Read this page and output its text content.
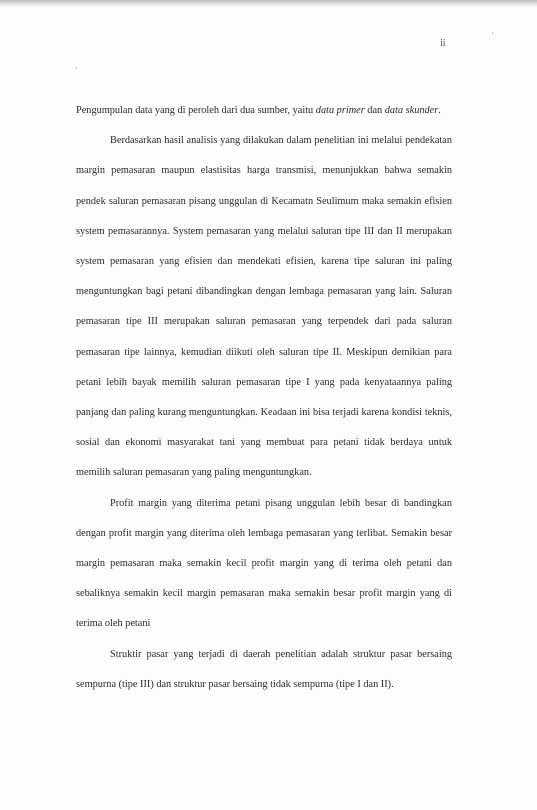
ii
ˋ
·

Pengumpulan data yang di peroleh dari dua sumber, yaitu data primer dan data skunder.

Berdasarkan hasil analisis yang dilakukan dalam penelitian ini melalui pendekatan margin pemasaran maupun elastisitas harga transmisi, menunjukkan bahwa semakin pendek saluran pemasaran pisang unggulan di Kecamatn Seulimum maka semakin efisien system pemasarannya. System pemasaran yang melalui saluran tipe III dan II merupakan system pemasaran yang efisien dan mendekati efisien, karena tipe saluran ini paling menguntungkan bagi petani dibandingkan dengan lembaga pemasaran yang lain. Saluran pemasaran tipe III merupakan saluran pemasaran yang terpendek dari pada saluran pemasaran tipe lainnya, kemudian diikuti oleh saluran tipe II. Meskipun demikian para petani lebih bayak memilih saluran pemasaran tipe I yang pada kenyataannya paling panjang dan paling kurang menguntungkan. Keadaan ini bisa terjadi karena kondisi teknis, sosial dan ekonomi masyarakat tani yang membuat para petani tidak berdaya untuk memilih saluran pemasaran yang paling menguntungkan.

Profit margin yang diterima petani pisang unggulan lebih besar di bandingkan dengan profit margin yang diterima oleh lembaga pemasaran yang terlibat. Semakin besar margin pemasaran maka semakin kecil profit margin yang di terima oleh petani dan sebaliknya semakin kecil margin pemasaran maka semakin besar profit margin yang di terima oleh petani

Struktir pasar yang terjadi di daerah penelitian adalah struktur pasar bersaing sempurna (tipe III) dan struktur pasar bersaing tidak sempurna (tipe I dan II).
